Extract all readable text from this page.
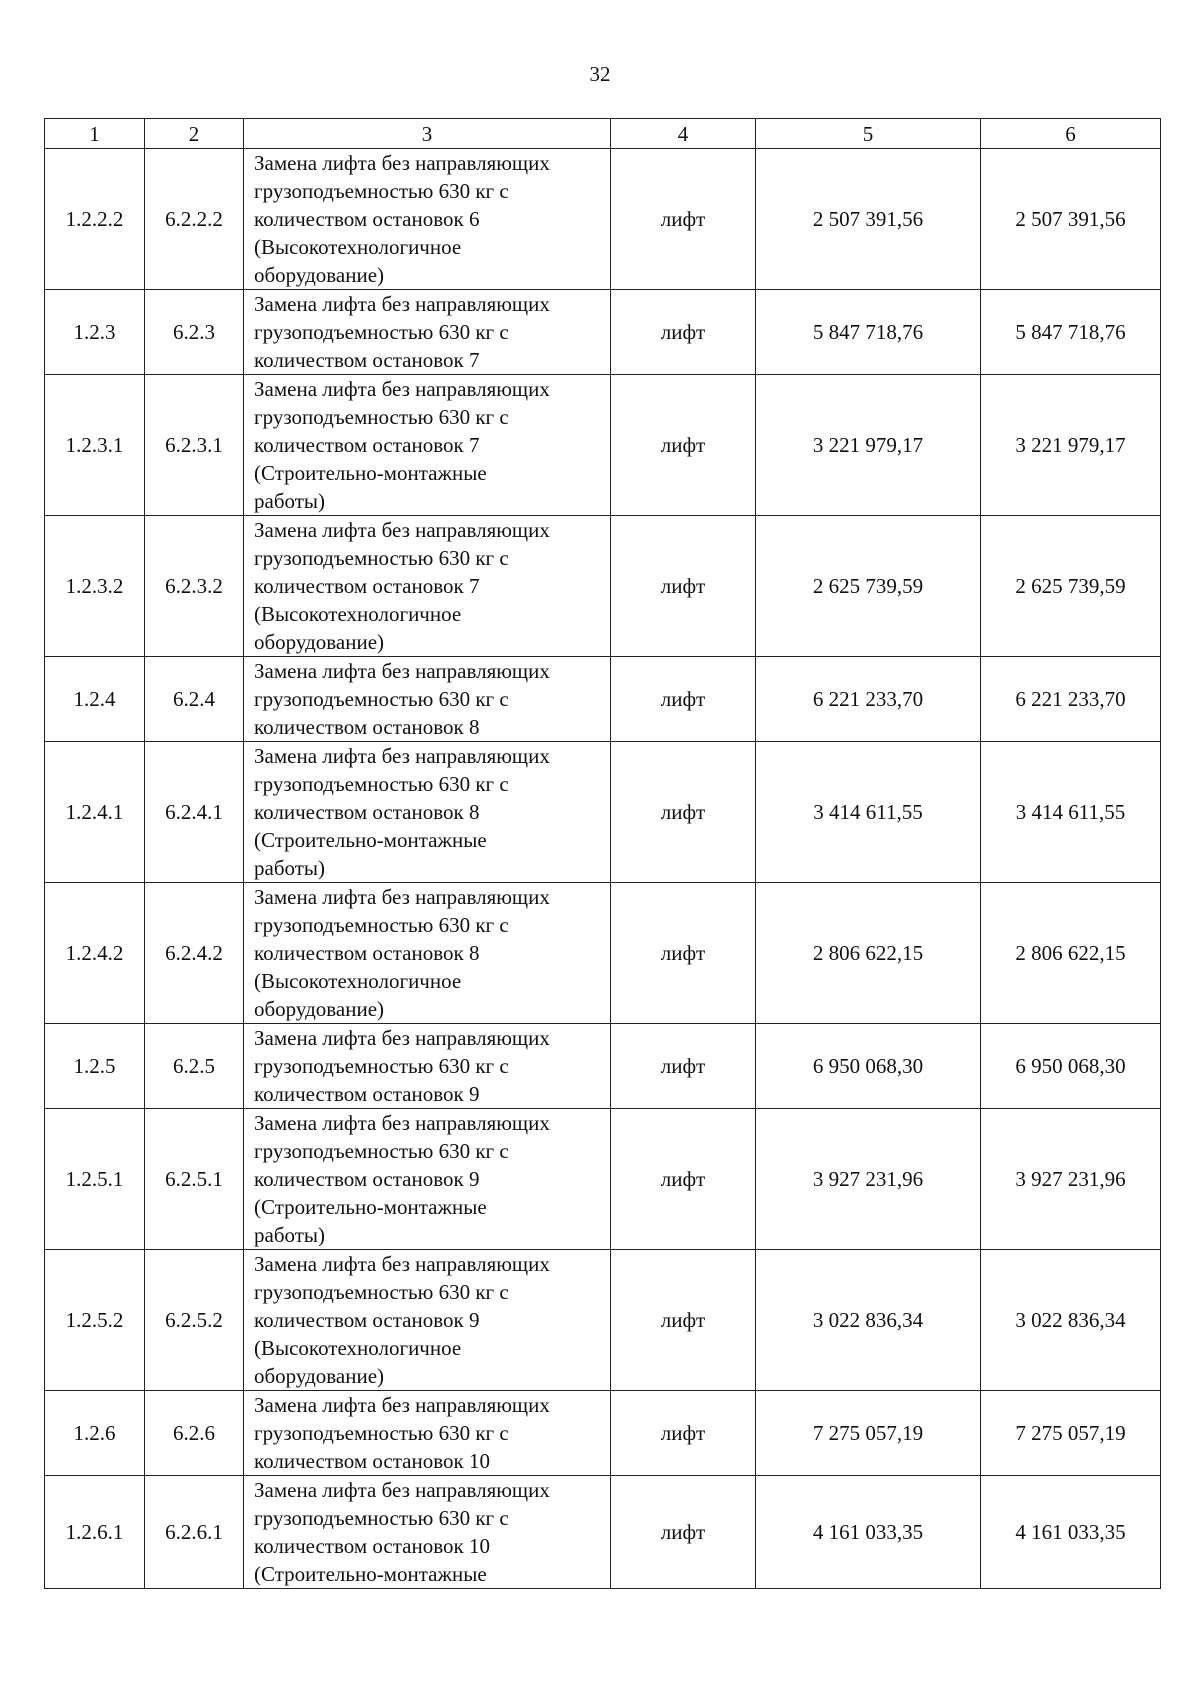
32
1	2	3	4	5	6
1.2.2.2	6.2.2.2	Замена лифта без направляющих
грузоподъемностью 630 кг с
количеством остановок 6
(Высокотехнологичное
оборудование)	лифт	2 507 391,56	2 507 391,56
1.2.3	6.2.3	Замена лифта без направляющих
грузоподъемностью 630 кг с
количеством остановок 7	лифт	5 847 718,76	5 847 718,76
1.2.3.1	6.2.3.1	Замена лифта без направляющих
грузоподъемностью 630 кг с
количеством остановок 7
(Строительно-монтажные
работы)	лифт	3 221 979,17	3 221 979,17
1.2.3.2	6.2.3.2	Замена лифта без направляющих
грузоподъемностью 630 кг с
количеством остановок 7
(Высокотехнологичное
оборудование)	лифт	2 625 739,59	2 625 739,59
1.2.4	6.2.4	Замена лифта без направляющих
грузоподъемностью 630 кг с
количеством остановок 8	лифт	6 221 233,70	6 221 233,70
1.2.4.1	6.2.4.1	Замена лифта без направляющих
грузоподъемностью 630 кг с
количеством остановок 8
(Строительно-монтажные
работы)	лифт	3 414 611,55	3 414 611,55
1.2.4.2	6.2.4.2	Замена лифта без направляющих
грузоподъемностью 630 кг с
количеством остановок 8
(Высокотехнологичное
оборудование)	лифт	2 806 622,15	2 806 622,15
1.2.5	6.2.5	Замена лифта без направляющих
грузоподъемностью 630 кг с
количеством остановок 9	лифт	6 950 068,30	6 950 068,30
1.2.5.1	6.2.5.1	Замена лифта без направляющих
грузоподъемностью 630 кг с
количеством остановок 9
(Строительно-монтажные
работы)	лифт	3 927 231,96	3 927 231,96
1.2.5.2	6.2.5.2	Замена лифта без направляющих
грузоподъемностью 630 кг с
количеством остановок 9
(Высокотехнологичное
оборудование)	лифт	3 022 836,34	3 022 836,34
1.2.6	6.2.6	Замена лифта без направляющих
грузоподъемностью 630 кг с
количеством остановок 10	лифт	7 275 057,19	7 275 057,19
1.2.6.1	6.2.6.1	Замена лифта без направляющих
грузоподъемностью 630 кг с
количеством остановок 10
(Строительно-монтажные	лифт	4 161 033,35	4 161 033,35
